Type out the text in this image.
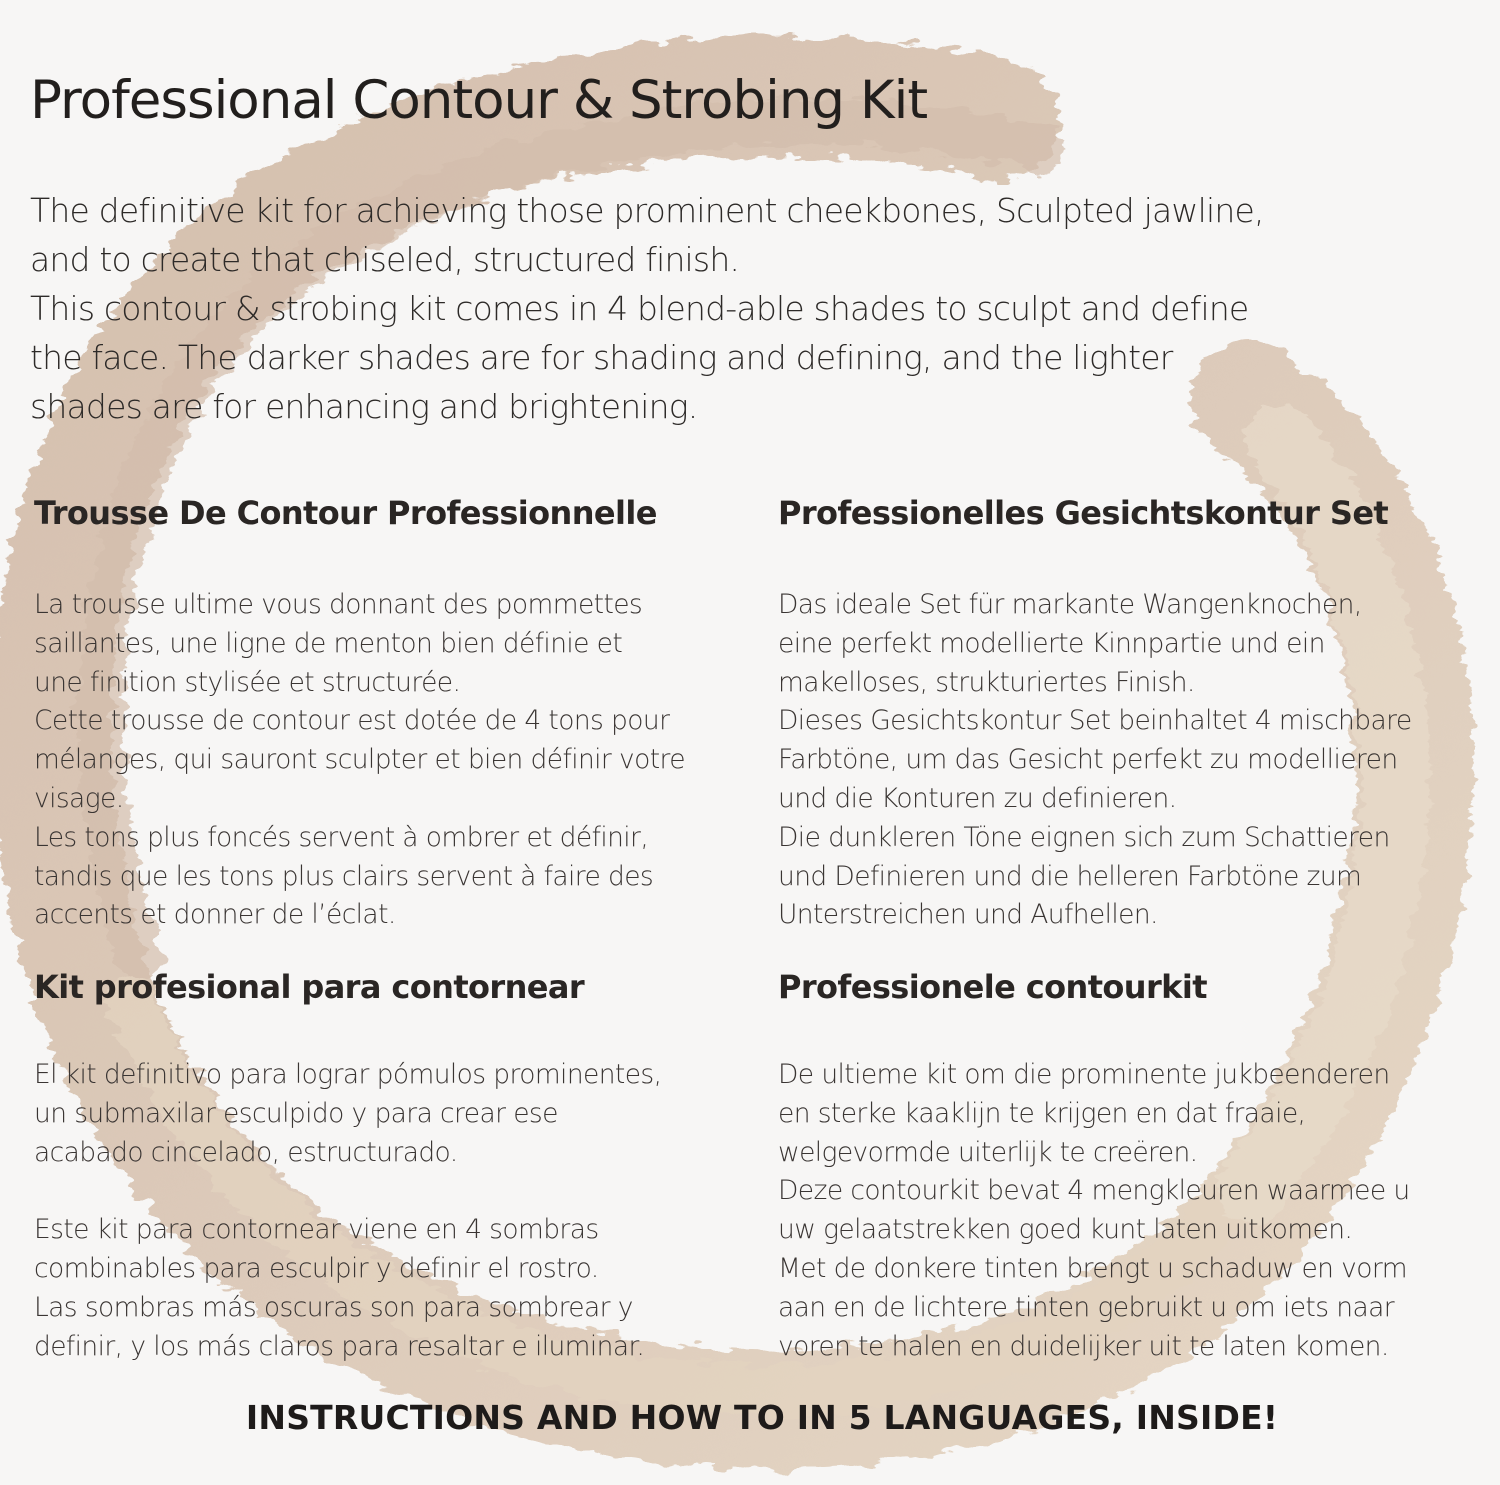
Professional Contour & Strobing Kit
The definitive kit for achieving those prominent cheekbones, Sculpted jawline,
and to create that chiseled, structured finish.
This contour & strobing kit comes in 4 blend-able shades to sculpt and define
the face. The darker shades are for shading and defining, and the lighter
shades are for enhancing and brightening.
Trousse De Contour Professionnelle
La trousse ultime vous donnant des pommettes
saillantes, une ligne de menton bien définie et
une finition stylisée et structurée.
Cette trousse de contour est dotée de 4 tons pour
mélanges, qui sauront sculpter et bien définir votre
visage.
Les tons plus foncés servent à ombrer et définir,
tandis que les tons plus clairs servent à faire des
accents et donner de l’éclat.
Professionelles Gesichtskontur Set
Das ideale Set für markante Wangenknochen,
eine perfekt modellierte Kinnpartie und ein
makelloses, strukturiertes Finish.
Dieses Gesichtskontur Set beinhaltet 4 mischbare
Farbtöne, um das Gesicht perfekt zu modellieren
und die Konturen zu definieren.
Die dunkleren Töne eignen sich zum Schattieren
und Definieren und die helleren Farbtöne zum
Unterstreichen und Aufhellen.
Kit profesional para contornear
El kit definitivo para lograr pómulos prominentes,
un submaxilar esculpido y para crear ese
acabado cincelado, estructurado.
Este kit para contornear viene en 4 sombras
combinables para esculpir y definir el rostro.
Las sombras más oscuras son para sombrear y
definir, y los más claros para resaltar e iluminar.
Professionele contourkit
De ultieme kit om die prominente jukbeenderen
en sterke kaaklijn te krijgen en dat fraaie,
welgevormde uiterlijk te creëren.
Deze contourkit bevat 4 mengkleuren waarmee u
uw gelaatstrekken goed kunt laten uitkomen.
Met de donkere tinten brengt u schaduw en vorm
aan en de lichtere tinten gebruikt u om iets naar
voren te halen en duidelijker uit te laten komen.

INSTRUCTIONS AND HOW TO IN 5 LANGUAGES, INSIDE!
